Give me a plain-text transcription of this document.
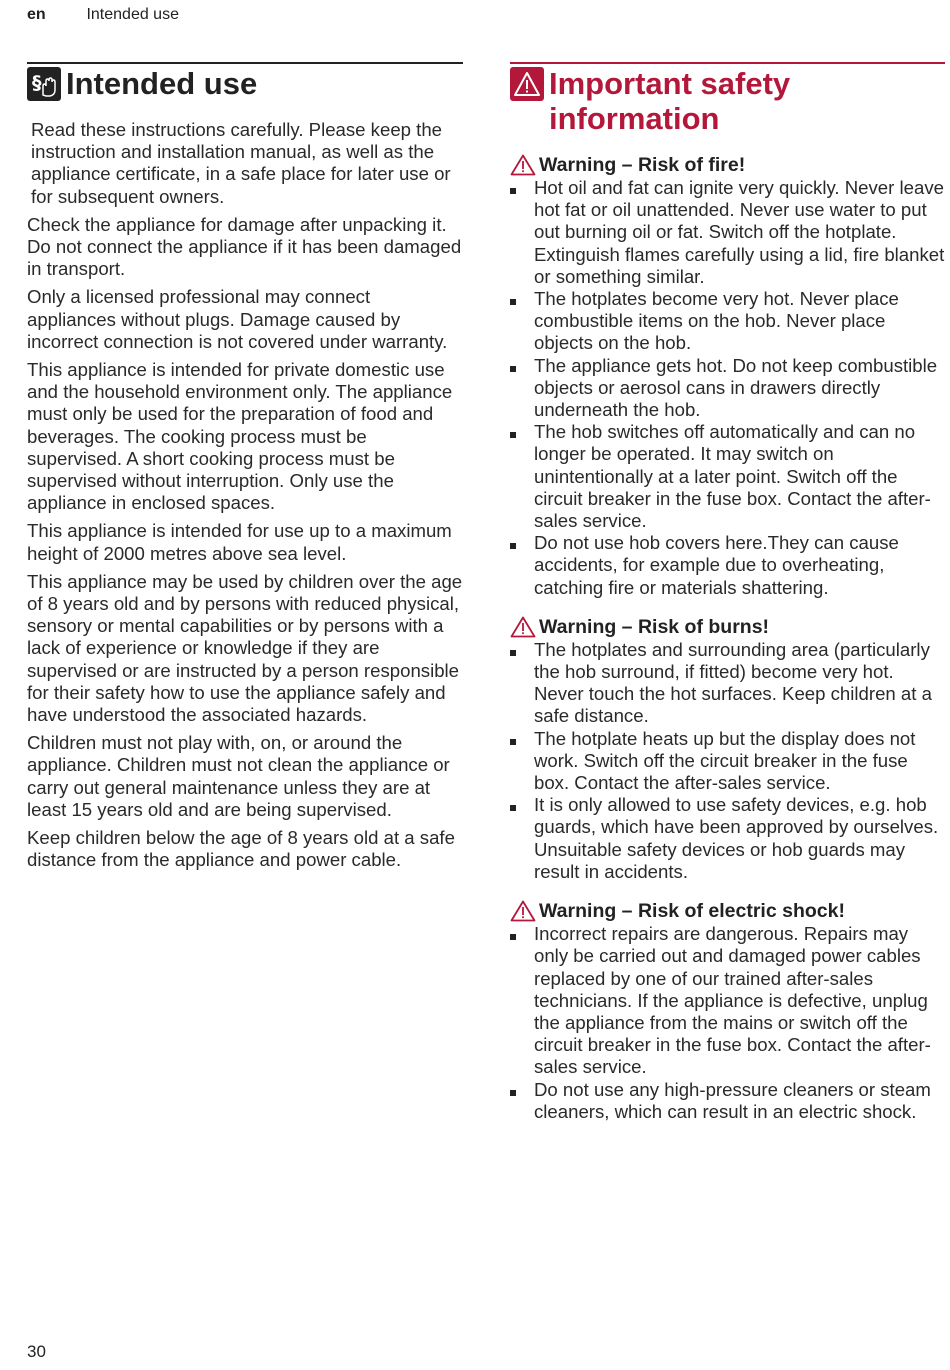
en	Intended use
§ Intended use

Read these instructions carefully. Please keep the instruction and installation manual, as well as the appliance certificate, in a safe place for later use or for subsequent owners.

Check the appliance for damage after unpacking it. Do not connect the appliance if it has been damaged in transport.

Only a licensed professional may connect appliances without plugs. Damage caused by incorrect connection is not covered under warranty.

This appliance is intended for private domestic use and the household environment only. The appliance must only be used for the preparation of food and beverages. The cooking process must be supervised. A short cooking process must be supervised without interruption. Only use the appliance in enclosed spaces.

This appliance is intended for use up to a maximum height of 2000 metres above sea level.

This appliance may be used by children over the age of 8 years old and by persons with reduced physical, sensory or mental capabilities or by persons with a lack of experience or knowledge if they are supervised or are instructed by a person responsible for their safety how to use the appliance safely and have understood the associated hazards.

Children must not play with, on, or around the appliance. Children must not clean the appliance or carry out general maintenance unless they are at least 15 years old and are being supervised.

Keep children below the age of 8 years old at a safe distance from the appliance and power cable.

Important safety
information
Warning – Risk of fire!
Hot oil and fat can ignite very quickly. Never leave hot fat or oil unattended. Never use water to put out burning oil or fat. Switch off the hotplate. Extinguish flames carefully using a lid, fire blanket or something similar.
The hotplates become very hot. Never place combustible items on the hob. Never place objects on the hob.
The appliance gets hot. Do not keep combustible objects or aerosol cans in drawers directly underneath the hob.
The hob switches off automatically and can no longer be operated. It may switch on unintentionally at a later point. Switch off the circuit breaker in the fuse box. Contact the after-sales service.
Do not use hob covers here.They can cause accidents, for example due to overheating, catching fire or materials shattering.
Warning – Risk of burns!
The hotplates and surrounding area (particularly the hob surround, if fitted) become very hot. Never touch the hot surfaces. Keep children at a safe distance.
The hotplate heats up but the display does not work. Switch off the circuit breaker in the fuse box. Contact the after-sales service.
It is only allowed to use safety devices, e.g. hob guards, which have been approved by ourselves. Unsuitable safety devices or hob guards may result in accidents.
Warning – Risk of electric shock!
Incorrect repairs are dangerous. Repairs may only be carried out and damaged power cables replaced by one of our trained after-sales technicians. If the appliance is defective, unplug the appliance from the mains or switch off the circuit breaker in the fuse box. Contact the after-sales service.
Do not use any high-pressure cleaners or steam cleaners, which can result in an electric shock.
30
